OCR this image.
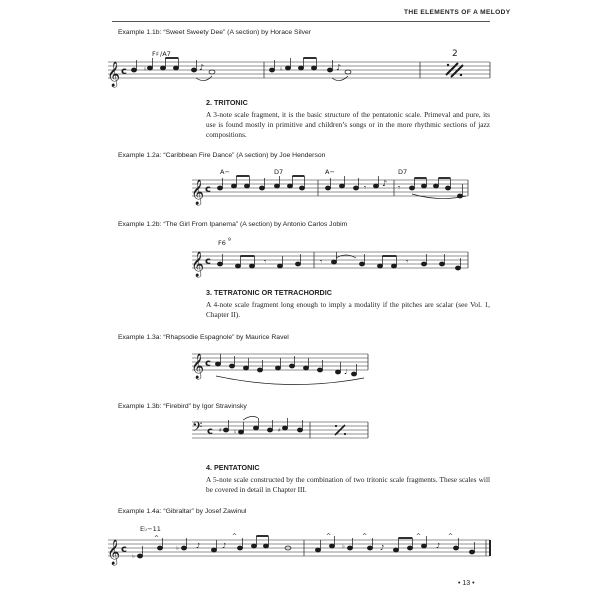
THE ELEMENTS OF A MELODY
Example 1.1b: “Sweet Sweety Dee” (A section) by Horace Silver
F♯ /A7	2
𝄞 c	♮	♪	♮	♪
2. TRITONIC
A 3-note scale fragment, it is the basic structure of the pentatonic scale. Primeval and pure, its use is found mostly in primitive and children’s songs or in the more rhythmic sections of jazz compositions.
Example 1.2a: “Caribbean Fire Dance” (A section) by Joe Henderson
A−	D7	A−	D7
𝄞 c	𝄾 ♪ 𝄾
Example 1.2b: “The Girl From Ipanema” (A section) by Antonio Carlos Jobim
F6 9
𝄞 c	𝄾	𝄾	𝄾
3. TETRATONIC OR TETRACHORDIC
A 4-note scale fragment long enough to imply a modality if the pitches are scalar (see Vol. 1, Chapter II).
Example 1.3a: “Rhapsodie Espagnole” by Maurice Ravel
𝄞 c
♩
Example 1.3b: “Firebird” by Igor Stravinsky
𝄢 c ♯ ♮	♯
4. PENTATONIC
A 5-note scale constructed by the combination of two tritonic scale fragments. These scales will be covered in detail in Chapter III.
Example 1.4a: “Gibraltar” by Josef Zawinul
E♭−11
𝄞 c
♭
^
♭ ♪	♪
^	^
♭
^
♪
^
♪
^
• 13 •
